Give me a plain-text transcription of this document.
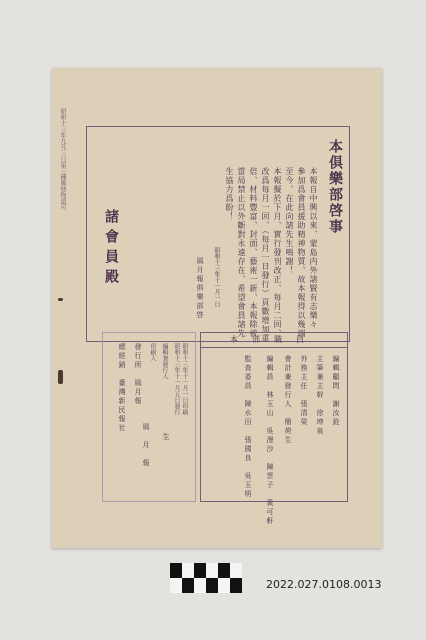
昭和十三年九月三日第三種郵便物認可	本俱樂部啓事
本報自中興以來、蒙島内外諸賢有志樂々
參加爲會員援助精神物質、故本報得以幾端
至今、在此向諸先生鳴謝！
本報擬於下月、實行發刊改正、每月二回、
改爲每月一回、（每月一日發行）頁數增加重
倍、材料豐富、封面、藝術一新、本報除被
當局禁止以外斷對永遠存在、希望會員諸先
生協力爲盼！
昭和十三年十一月一日
風月報俱樂部啓
諸會員殿
昭和十三年十一月一日印刷
昭和十三年十一月五日發行
編輯兼發行人
印刷人
發行所　風月報
總經銷　臺灣新民報社
生
風　月　報
本部職員
編輯顧問　謝汝銓
主筆兼主幹　徐坤泉
外務主任　張清榮
會計兼發行人　簡荷生
編輯員　林玉山　吳漫沙　陳雲子　黃可軒
監查委員　陳水田　張國良　吳玉明
2022.027.0108.0013
